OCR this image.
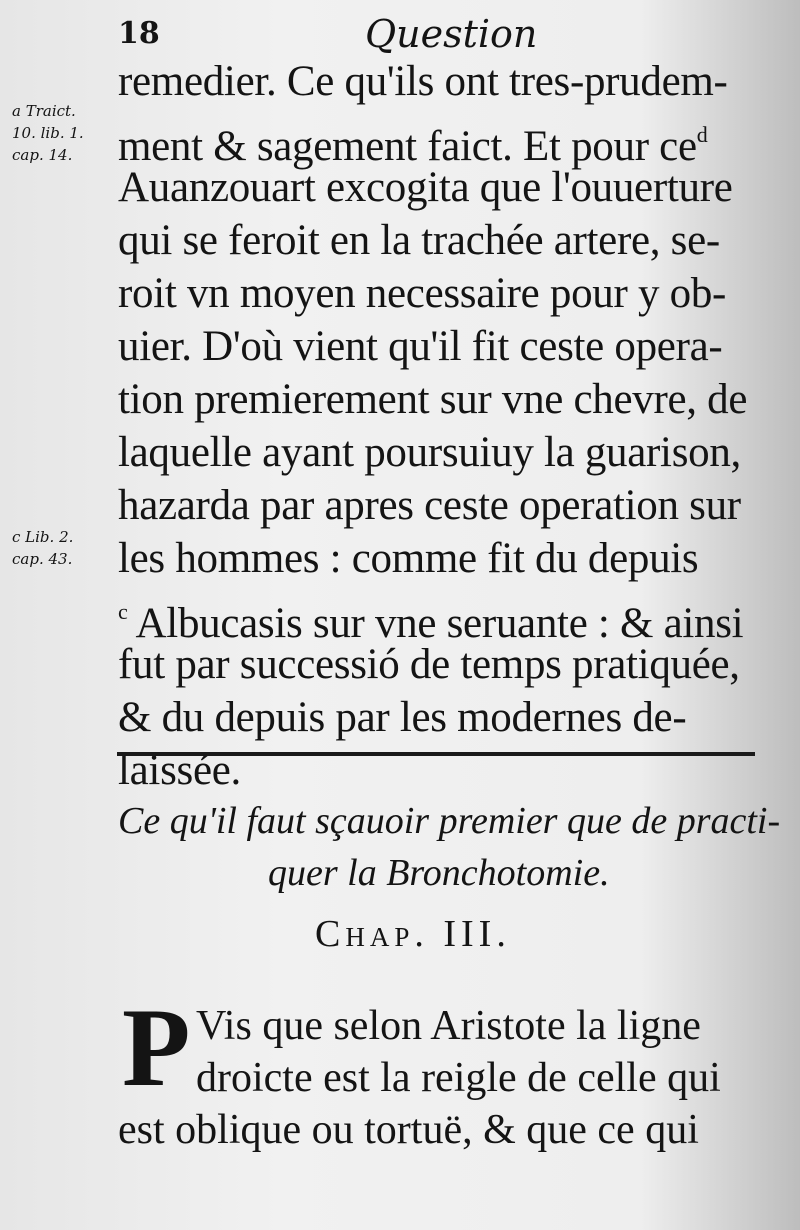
18	Question
a Traict.
10. lib. 1.
cap. 14.
c Lib. 2.
cap. 43.
remedier. Ce qu'ils ont tres-prudem-
ment & sagement faict. Et pour $ce^d$
Auanzouart excogita que l'ouuerture
qui se feroit en la trachée artere, se-
roit vn moyen necessaire pour y ob-
uier. D'où vient qu'il fit ceste opera-
tion premierement sur vne chevre, de
laquelle ayant poursuiuy la guarison,
hazarda par apres ceste operation sur
les hommes : comme fit du depuis
$^c$ Albucasis sur vne seruante : & ainsi
fut par successió de temps pratiquée,
& du depuis par les modernes de-
laissée.
Ce qu'il faut sçauoir premier que de practi-
quer la Bronchotomie.
Chap. III.
P Vis que selon Aristote la ligne
droicte est la reigle de celle qui
est oblique ou tortuë, & que ce qui
